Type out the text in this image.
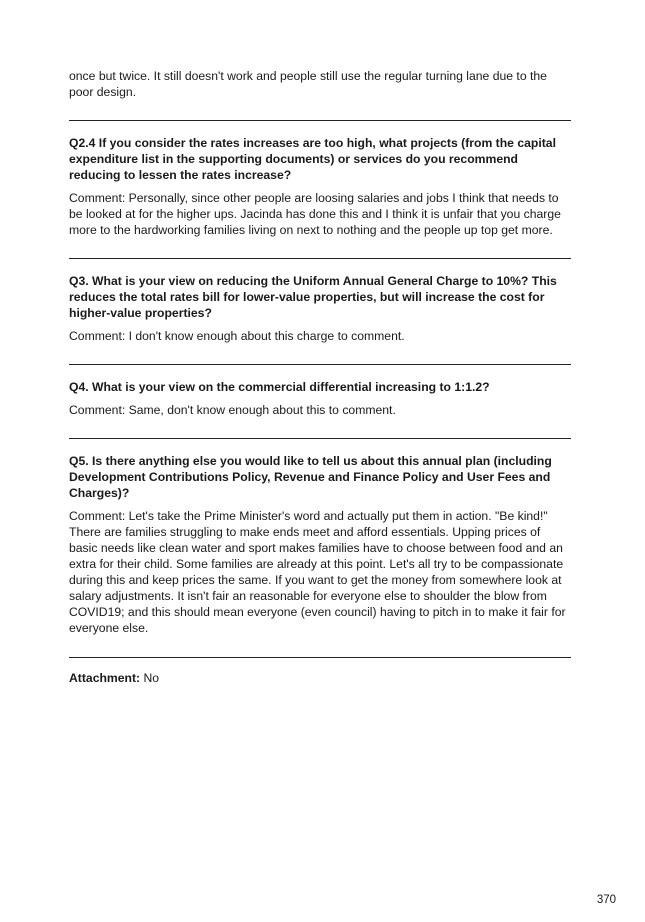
once but twice. It still doesn't work and people still use the regular turning lane due to the poor design.

Q2.4 If you consider the rates increases are too high, what projects (from the capital expenditure list in the supporting documents) or services do you recommend reducing to lessen the rates increase?

Comment: Personally, since other people are loosing salaries and jobs I think that needs to be looked at for the higher ups. Jacinda has done this and I think it is unfair that you charge more to the hardworking families living on next to nothing and the people up top get more.

Q3. What is your view on reducing the Uniform Annual General Charge to 10%? This reduces the total rates bill for lower-value properties, but will increase the cost for higher-value properties?

Comment: I don't know enough about this charge to comment.

Q4. What is your view on the commercial differential increasing to 1:1.2?

Comment: Same, don't know enough about this to comment.

Q5. Is there anything else you would like to tell us about this annual plan (including Development Contributions Policy, Revenue and Finance Policy and User Fees and Charges)?

Comment: Let's take the Prime Minister's word and actually put them in action. "Be kind!" There are families struggling to make ends meet and afford essentials. Upping prices of basic needs like clean water and sport makes families have to choose between food and an extra for their child. Some families are already at this point. Let's all try to be compassionate during this and keep prices the same. If you want to get the money from somewhere look at salary adjustments. It isn't fair an reasonable for everyone else to shoulder the blow from COVID19; and this should mean everyone (even council) having to pitch in to make it fair for everyone else.

Attachment: No

370
